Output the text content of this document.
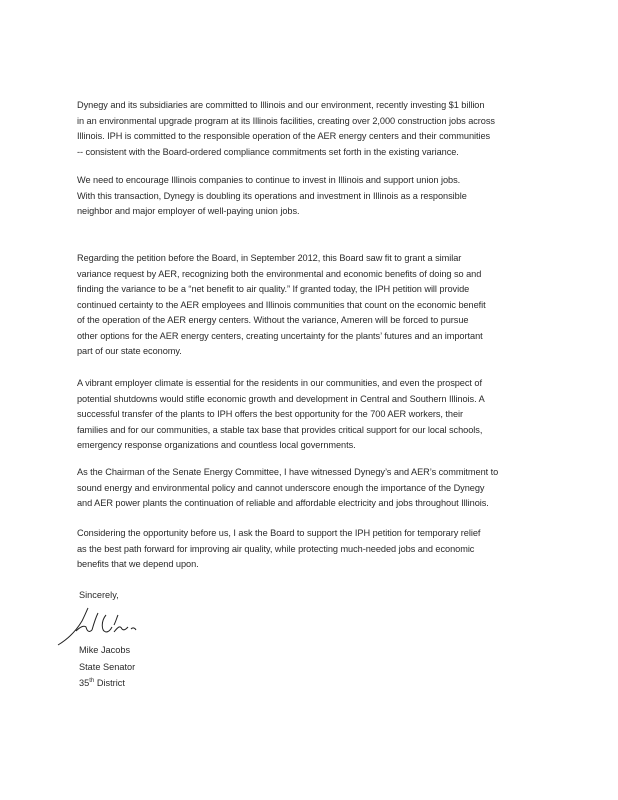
Dynegy and its subsidiaries are committed to Illinois and our environment, recently investing $1 billion
in an environmental upgrade program at its Illinois facilities, creating over 2,000 construction jobs across
Illinois. IPH is committed to the responsible operation of the AER energy centers and their communities
-- consistent with the Board-ordered compliance commitments set forth in the existing variance.
We need to encourage Illinois companies to continue to invest in Illinois and support union jobs.
With this transaction, Dynegy is doubling its operations and investment in Illinois as a responsible
neighbor and major employer of well-paying union jobs.
Regarding the petition before the Board, in September 2012, this Board saw fit to grant a similar
variance request by AER, recognizing both the environmental and economic benefits of doing so and
finding the variance to be a “net benefit to air quality.” If granted today, the IPH petition will provide
continued certainty to the AER employees and Illinois communities that count on the economic benefit
of the operation of the AER energy centers. Without the variance, Ameren will be forced to pursue
other options for the AER energy centers, creating uncertainty for the plants’ futures and an important
part of our state economy.
A vibrant employer climate is essential for the residents in our communities, and even the prospect of
potential shutdowns would stifle economic growth and development in Central and Southern Illinois. A
successful transfer of the plants to IPH offers the best opportunity for the 700 AER workers, their
families and for our communities, a stable tax base that provides critical support for our local schools,
emergency response organizations and countless local governments.
As the Chairman of the Senate Energy Committee, I have witnessed Dynegy’s and AER’s commitment to
sound energy and environmental policy and cannot underscore enough the importance of the Dynegy
and AER power plants the continuation of reliable and affordable electricity and jobs throughout Illinois.
Considering the opportunity before us, I ask the Board to support the IPH petition for temporary relief
as the best path forward for improving air quality, while protecting much-needed jobs and economic
benefits that we depend upon.
Sincerely,
Mike Jacobs
State Senator
35th District
